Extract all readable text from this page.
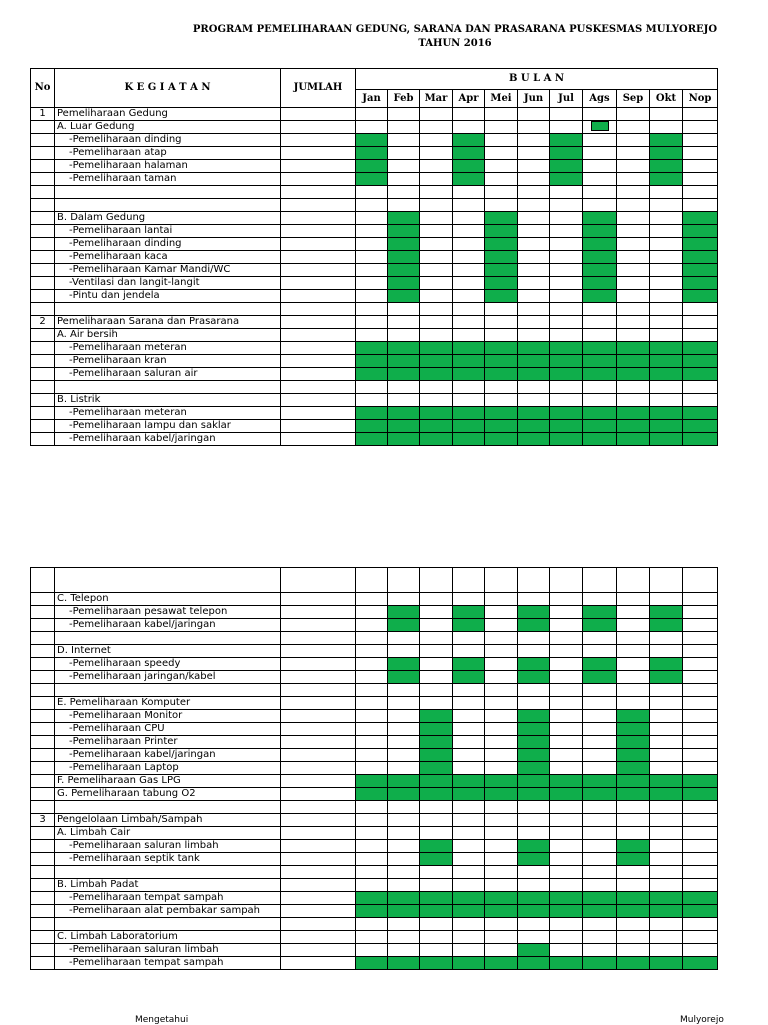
PROGRAM PEMELIHARAAN GEDUNG, SARANA DAN PRASARANA PUSKESMAS MULYOREJO
TAHUN 2016
No	K E G I A T A N	JUMLAH	B U L A N										
			Jan	Feb	Mar	Apr	Mei	Jun	Jul	Ags	Sep	Okt	Nop
1	Pemeliharaan Gedung												
	A. Luar Gedung												
	-Pemeliharaan dinding												
	-Pemeliharaan atap												
	-Pemeliharaan halaman												
	-Pemeliharaan taman												

	B. Dalam Gedung												
	-Pemeliharaan lantai												
	-Pemeliharaan dinding												
	-Pemeliharaan kaca												
	-Pemeliharaan Kamar Mandi/WC												
	-Ventilasi dan langit-langit												
	-Pintu dan jendela												

2	Pemeliharaan Sarana dan Prasarana												
	A. Air bersih												
	-Pemeliharaan meteran												
	-Pemeliharaan kran												
	-Pemeliharaan saluran air												

	B. Listrik												
	-Pemeliharaan meteran												
	-Pemeliharaan lampu dan saklar												
	-Pemeliharaan kabel/jaringan												

	C. Telepon												
	-Pemeliharaan pesawat telepon												
	-Pemeliharaan kabel/jaringan												

	D. Internet												
	-Pemeliharaan speedy												
	-Pemeliharaan jaringan/kabel												

	E. Pemeliharaan Komputer												
	-Pemeliharaan Monitor												
	-Pemeliharaan CPU												
	-Pemeliharaan Printer												
	-Pemeliharaan kabel/jaringan												
	-Pemeliharaan Laptop												
	F. Pemeliharaan Gas LPG												
	G. Pemeliharaan tabung O2												

3	Pengelolaan Limbah/Sampah												
	A. Limbah Cair												
	-Pemeliharaan saluran limbah												
	-Pemeliharaan septik tank												

	B. Limbah Padat												
	-Pemeliharaan tempat sampah												
	-Pemeliharaan alat pembakar sampah												

	C. Limbah Laboratorium												
	-Pemeliharaan saluran limbah												
	-Pemeliharaan tempat sampah												
Mengetahui	Mulyorejo
